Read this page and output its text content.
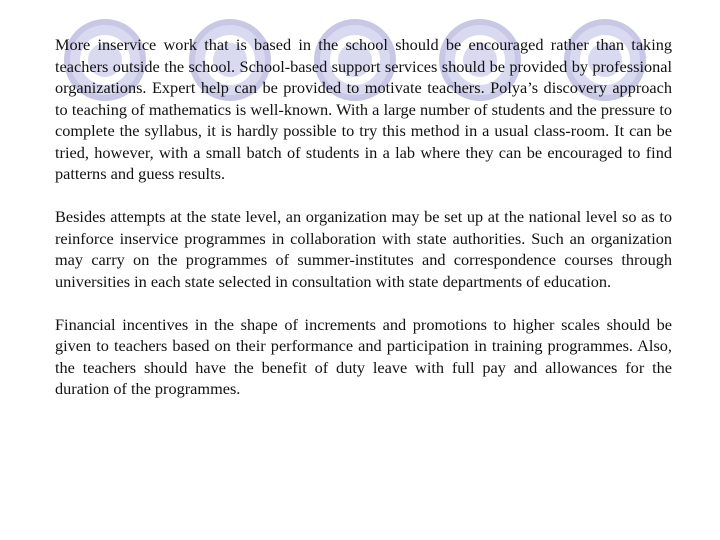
More inservice work that is based in the school should be encouraged rather than taking teachers outside the school. School-based support services should be provided by professional organizations. Expert help can be provided to motivate teachers. Polya’s discovery approach to teaching of mathematics is well-known. With a large number of students and the pressure to complete the syllabus, it is hardly possible to try this method in a usual class-room. It can be tried, however, with a small batch of students in a lab where they can be encouraged to find patterns and guess results.

Besides attempts at the state level, an organization may be set up at the national level so as to reinforce inservice programmes in collaboration with state authorities. Such an organization may carry on the programmes of summer-institutes and correspondence courses through universities in each state selected in consultation with state departments of education.

Financial incentives in the shape of increments and promotions to higher scales should be given to teachers based on their performance and participation in training programmes. Also, the teachers should have the benefit of duty leave with full pay and allowances for the duration of the programmes.
